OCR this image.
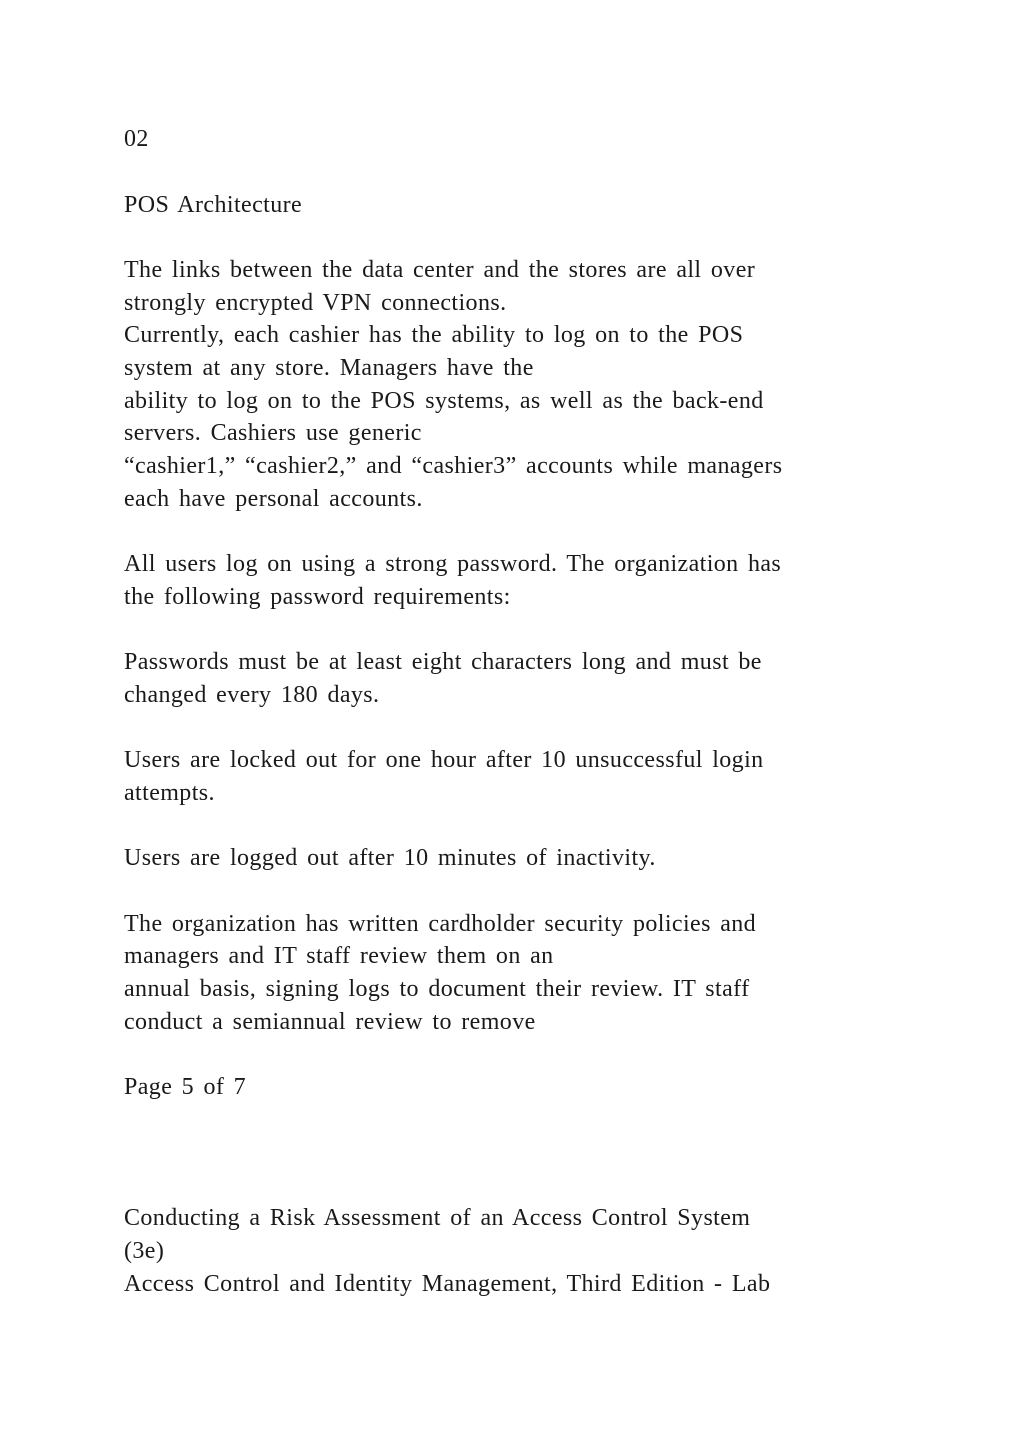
02

POS Architecture

The links between the data center and the stores are all over

strongly encrypted VPN connections.

Currently, each cashier has the ability to log on to the POS

system at any store. Managers have the

ability to log on to the POS systems, as well as the back-end

servers. Cashiers use generic

“cashier1,” “cashier2,” and “cashier3” accounts while managers

each have personal accounts.

All users log on using a strong password. The organization has

the following password requirements:

Passwords must be at least eight characters long and must be

changed every 180 days.

Users are locked out for one hour after 10 unsuccessful login

attempts.

Users are logged out after 10 minutes of inactivity.

The organization has written cardholder security policies and

managers and IT staff review them on an

annual basis, signing logs to document their review. IT staff

conduct a semiannual review to remove

Page 5 of 7

Conducting a Risk Assessment of an Access Control System

(3e)

Access Control and Identity Management, Third Edition - Lab
